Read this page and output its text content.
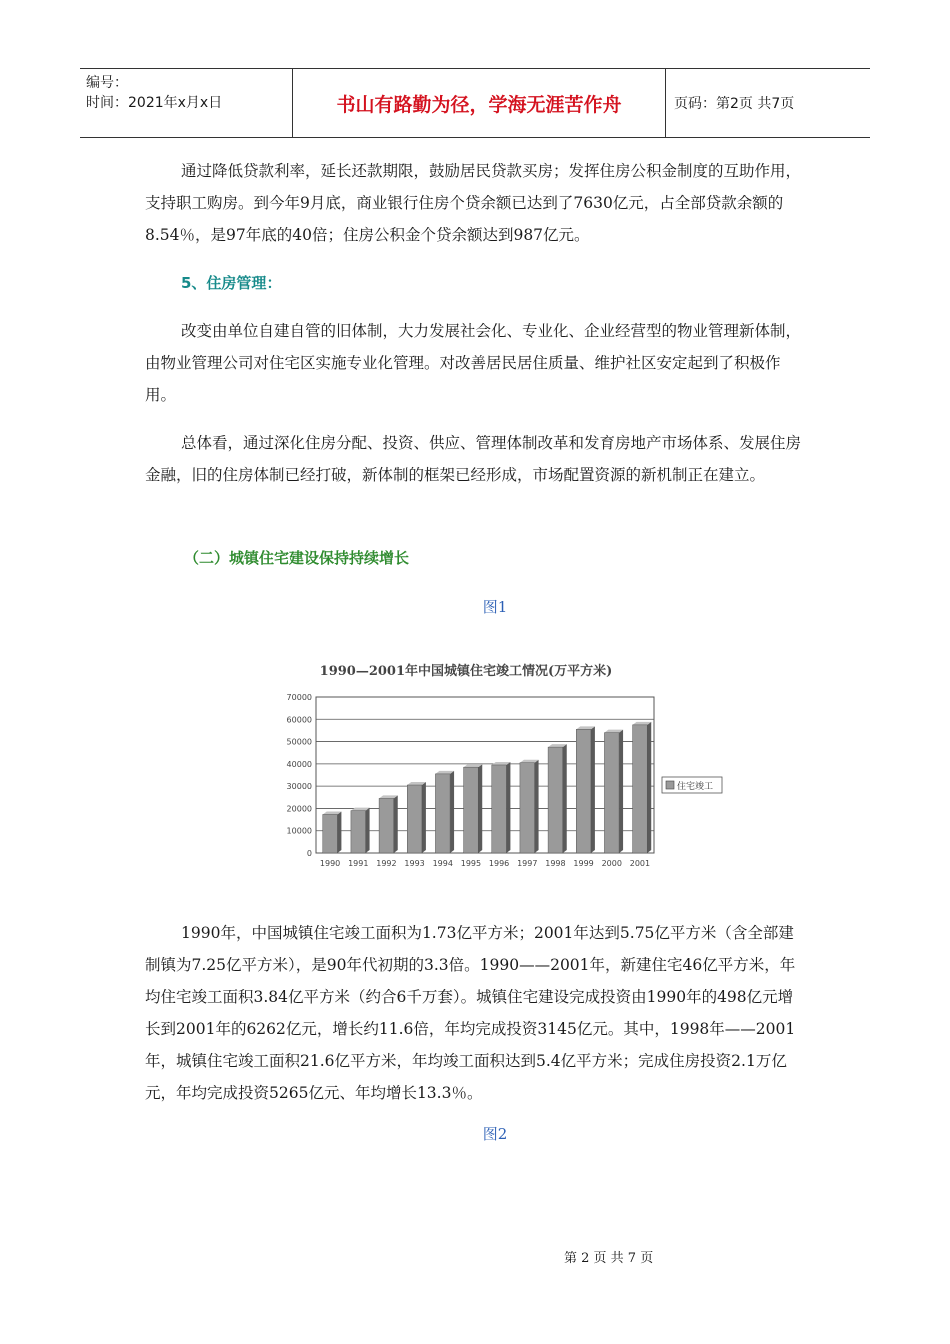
编号：
时间：2021年x月x日	书山有路勤为径，学海无涯苦作舟	页码：第2页 共7页

通过降低贷款利率，延长还款期限，鼓励居民贷款买房；发挥住房公积金制度的互助作用，支持职工购房。到今年9月底，商业银行住房个贷余额已达到了7630亿元，占全部贷款余额的8.54％，是97年底的40倍；住房公积金个贷余额达到987亿元。

5、住房管理：

改变由单位自建自管的旧体制，大力发展社会化、专业化、企业经营型的物业管理新体制，由物业管理公司对住宅区实施专业化管理。对改善居民居住质量、维护社区安定起到了积极作用。

总体看，通过深化住房分配、投资、供应、管理体制改革和发育房地产市场体系、发展住房金融，旧的住房体制已经打破，新体制的框架已经形成，市场配置资源的新机制正在建立。

（二）城镇住宅建设保持持续增长
图1
1990—2001年中国城镇住宅竣工情况(万平方米)
0
10000
20000
30000
40000
50000
60000
70000
1990 1991 1992 1993 1994 1995 1996 1997 1998 1999 2000 2001
住宅竣工

1990年，中国城镇住宅竣工面积为1.73亿平方米；2001年达到5.75亿平方米（含全部建制镇为7.25亿平方米），是90年代初期的3.3倍。1990——2001年，新建住宅46亿平方米，年均住宅竣工面积3.84亿平方米（约合6千万套）。城镇住宅建设完成投资由1990年的498亿元增长到2001年的6262亿元，增长约11.6倍，年均完成投资3145亿元。其中，1998年——2001年，城镇住宅竣工面积21.6亿平方米，年均竣工面积达到5.4亿平方米；完成住房投资2.1万亿元，年均完成投资5265亿元、年均增长13.3％。

图2
第 2 页 共 7 页
